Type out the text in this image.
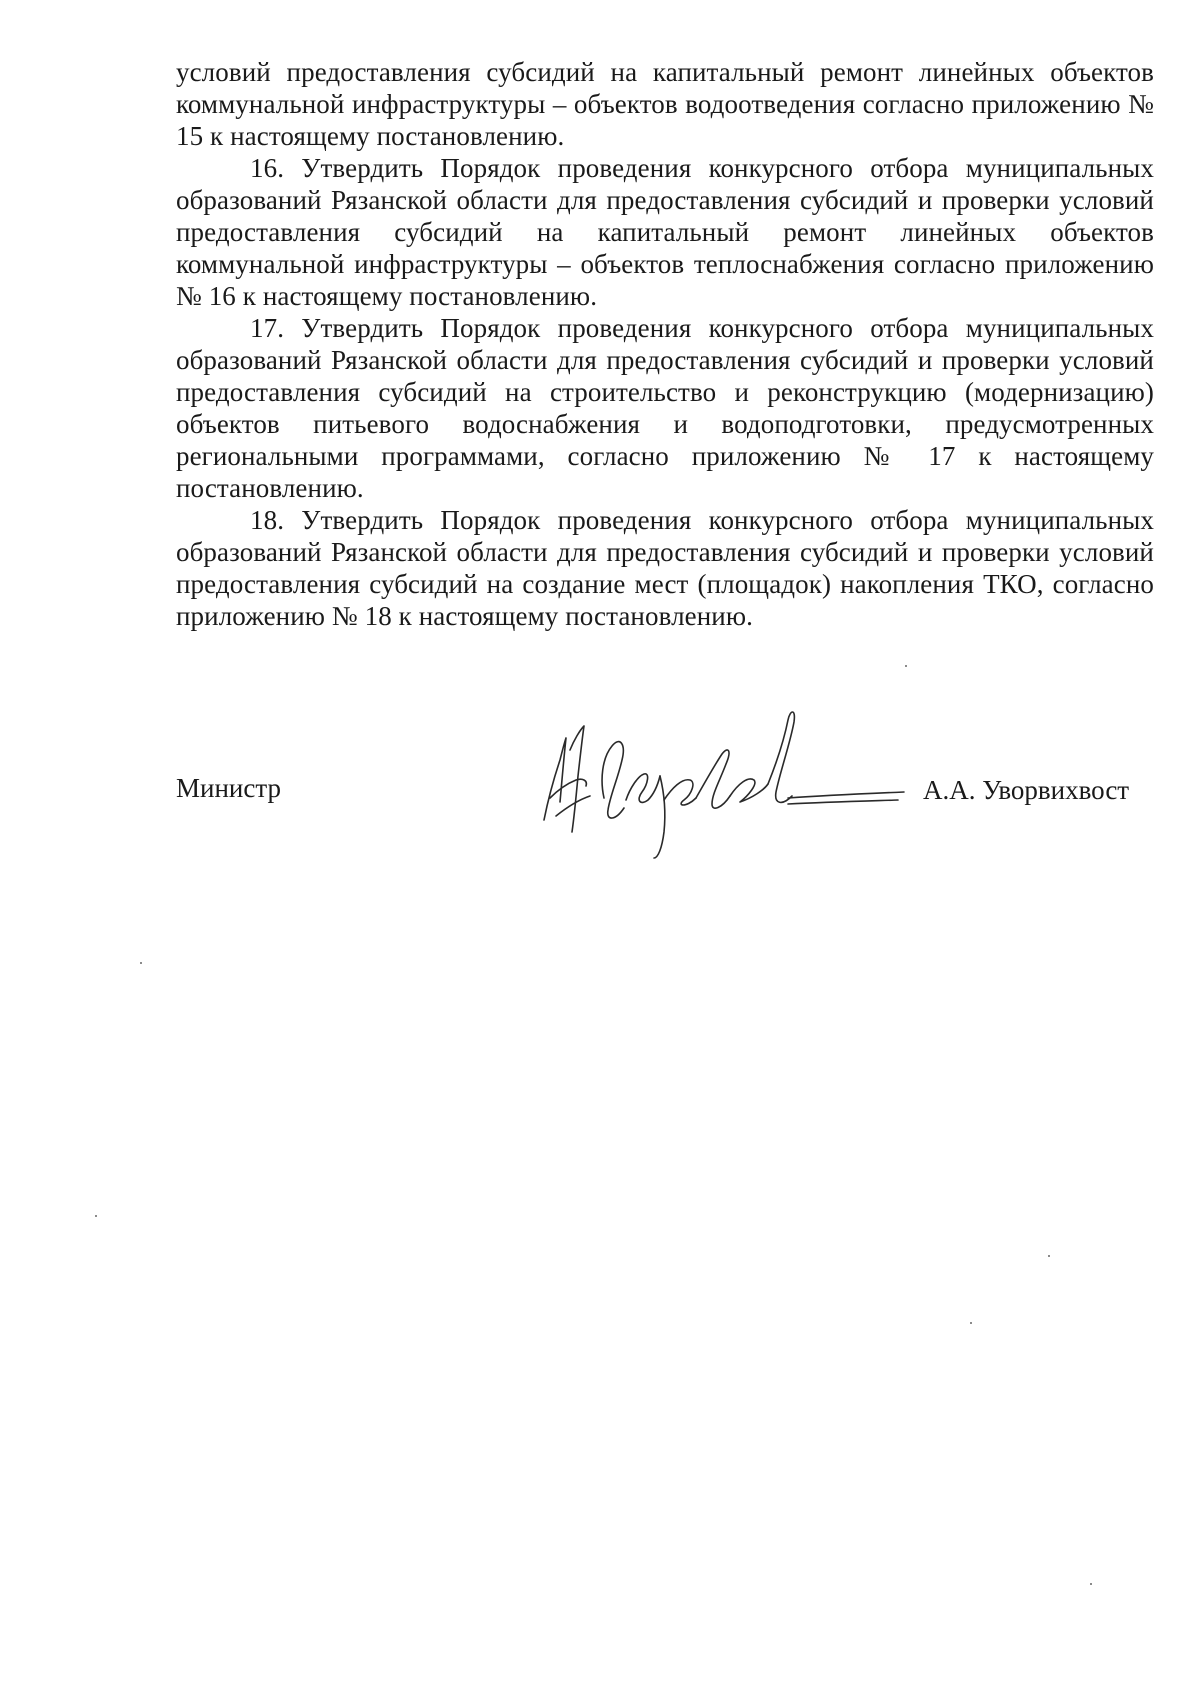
условий предоставления субсидий на капитальный ремонт линейных объектов коммунальной инфраструктуры – объектов водоотведения согласно приложению № 15 к настоящему постановлению.

16. Утвердить Порядок проведения конкурсного отбора муниципальных образований Рязанской области для предоставления субсидий и проверки условий предоставления субсидий на капитальный ремонт линейных объектов коммунальной инфраструктуры – объектов теплоснабжения согласно приложению № 16 к настоящему постановлению.

17. Утвердить Порядок проведения конкурсного отбора муниципальных образований Рязанской области для предоставления субсидий и проверки условий предоставления субсидий на строительство и реконструкцию (модернизацию) объектов питьевого водоснабжения и водоподготовки, предусмотренных региональными программами, согласно приложению № 17 к настоящему постановлению.

18. Утвердить Порядок проведения конкурсного отбора муниципальных образований Рязанской области для предоставления субсидий и проверки условий предоставления субсидий на создание мест (площадок) накопления ТКО, согласно приложению № 18 к настоящему постановлению.

Министр	А.А. Уворвихвост
